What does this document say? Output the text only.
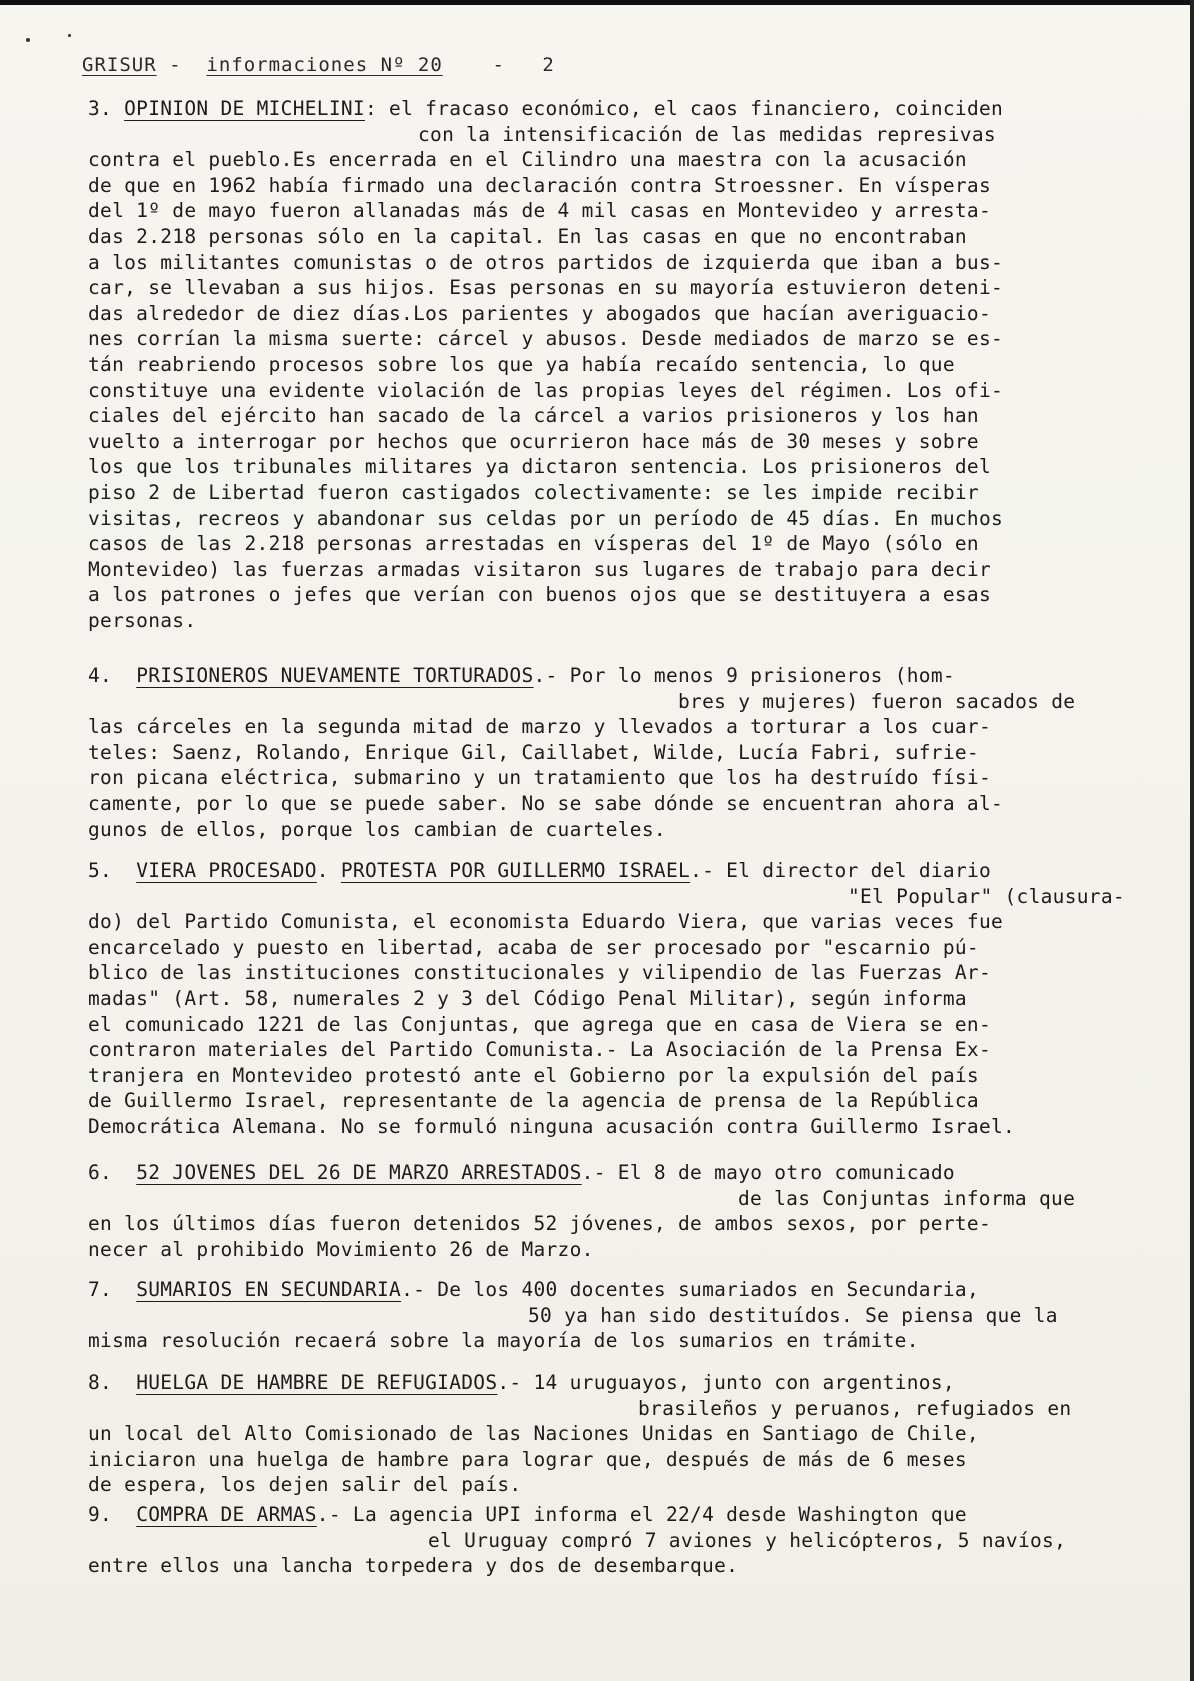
GRISUR -  informaciones Nº 20	- 2
3. OPINION DE MICHELINI: el fracaso económico, el caos financiero, coinciden
con la intensificación de las medidas represivas
contra el pueblo.Es encerrada en el Cilindro una maestra con la acusación
de que en 1962 había firmado una declaración contra Stroessner. En vísperas
del 1º de mayo fueron allanadas más de 4 mil casas en Montevideo y arresta-
das 2.218 personas sólo en la capital. En las casas en que no encontraban
a los militantes comunistas o de otros partidos de izquierda que iban a bus-
car, se llevaban a sus hijos. Esas personas en su mayoría estuvieron deteni-
das alrededor de diez días.Los parientes y abogados que hacían averiguacio-
nes corrían la misma suerte: cárcel y abusos. Desde mediados de marzo se es-
tán reabriendo procesos sobre los que ya había recaído sentencia, lo que
constituye una evidente violación de las propias leyes del régimen. Los ofi-
ciales del ejército han sacado de la cárcel a varios prisioneros y los han
vuelto a interrogar por hechos que ocurrieron hace más de 30 meses y sobre
los que los tribunales militares ya dictaron sentencia. Los prisioneros del
piso 2 de Libertad fueron castigados colectivamente: se les impide recibir
visitas, recreos y abandonar sus celdas por un período de 45 días. En muchos
casos de las 2.218 personas arrestadas en vísperas del 1º de Mayo (sólo en
Montevideo) las fuerzas armadas visitaron sus lugares de trabajo para decir
a los patrones o jefes que verían con buenos ojos que se destituyera a esas
personas.
4. PRISIONEROS NUEVAMENTE TORTURADOS.- Por lo menos 9 prisioneros (hom-
bres y mujeres) fueron sacados de
las cárceles en la segunda mitad de marzo y llevados a torturar a los cuar-
teles: Saenz, Rolando, Enrique Gil, Caillabet, Wilde, Lucía Fabri, sufrie-
ron picana eléctrica, submarino y un tratamiento que los ha destruído físi-
camente, por lo que se puede saber. No se sabe dónde se encuentran ahora al-
gunos de ellos, porque los cambian de cuarteles.
5. VIERA PROCESADO. PROTESTA POR GUILLERMO ISRAEL.- El director del diario
"El Popular" (clausura-
do) del Partido Comunista, el economista Eduardo Viera, que varias veces fue
encarcelado y puesto en libertad, acaba de ser procesado por "escarnio pú-
blico de las instituciones constitucionales y vilipendio de las Fuerzas Ar-
madas" (Art. 58, numerales 2 y 3 del Código Penal Militar), según informa
el comunicado 1221 de las Conjuntas, que agrega que en casa de Viera se en-
contraron materiales del Partido Comunista.- La Asociación de la Prensa Ex-
tranjera en Montevideo protestó ante el Gobierno por la expulsión del país
de Guillermo Israel, representante de la agencia de prensa de la República
Democrática Alemana. No se formuló ninguna acusación contra Guillermo Israel.
6. 52 JOVENES DEL 26 DE MARZO ARRESTADOS.- El 8 de mayo otro comunicado
de las Conjuntas informa que
en los últimos días fueron detenidos 52 jóvenes, de ambos sexos, por perte-
necer al prohibido Movimiento 26 de Marzo.
7. SUMARIOS EN SECUNDARIA.- De los 400 docentes sumariados en Secundaria,
50 ya han sido destituídos. Se piensa que la
misma resolución recaerá sobre la mayoría de los sumarios en trámite.
8. HUELGA DE HAMBRE DE REFUGIADOS.- 14 uruguayos, junto con argentinos,
brasileños y peruanos, refugiados en
un local del Alto Comisionado de las Naciones Unidas en Santiago de Chile,
iniciaron una huelga de hambre para lograr que, después de más de 6 meses
de espera, los dejen salir del país.
9. COMPRA DE ARMAS.- La agencia UPI informa el 22/4 desde Washington que
el Uruguay compró 7 aviones y helicópteros, 5 navíos,
entre ellos una lancha torpedera y dos de desembarque.
